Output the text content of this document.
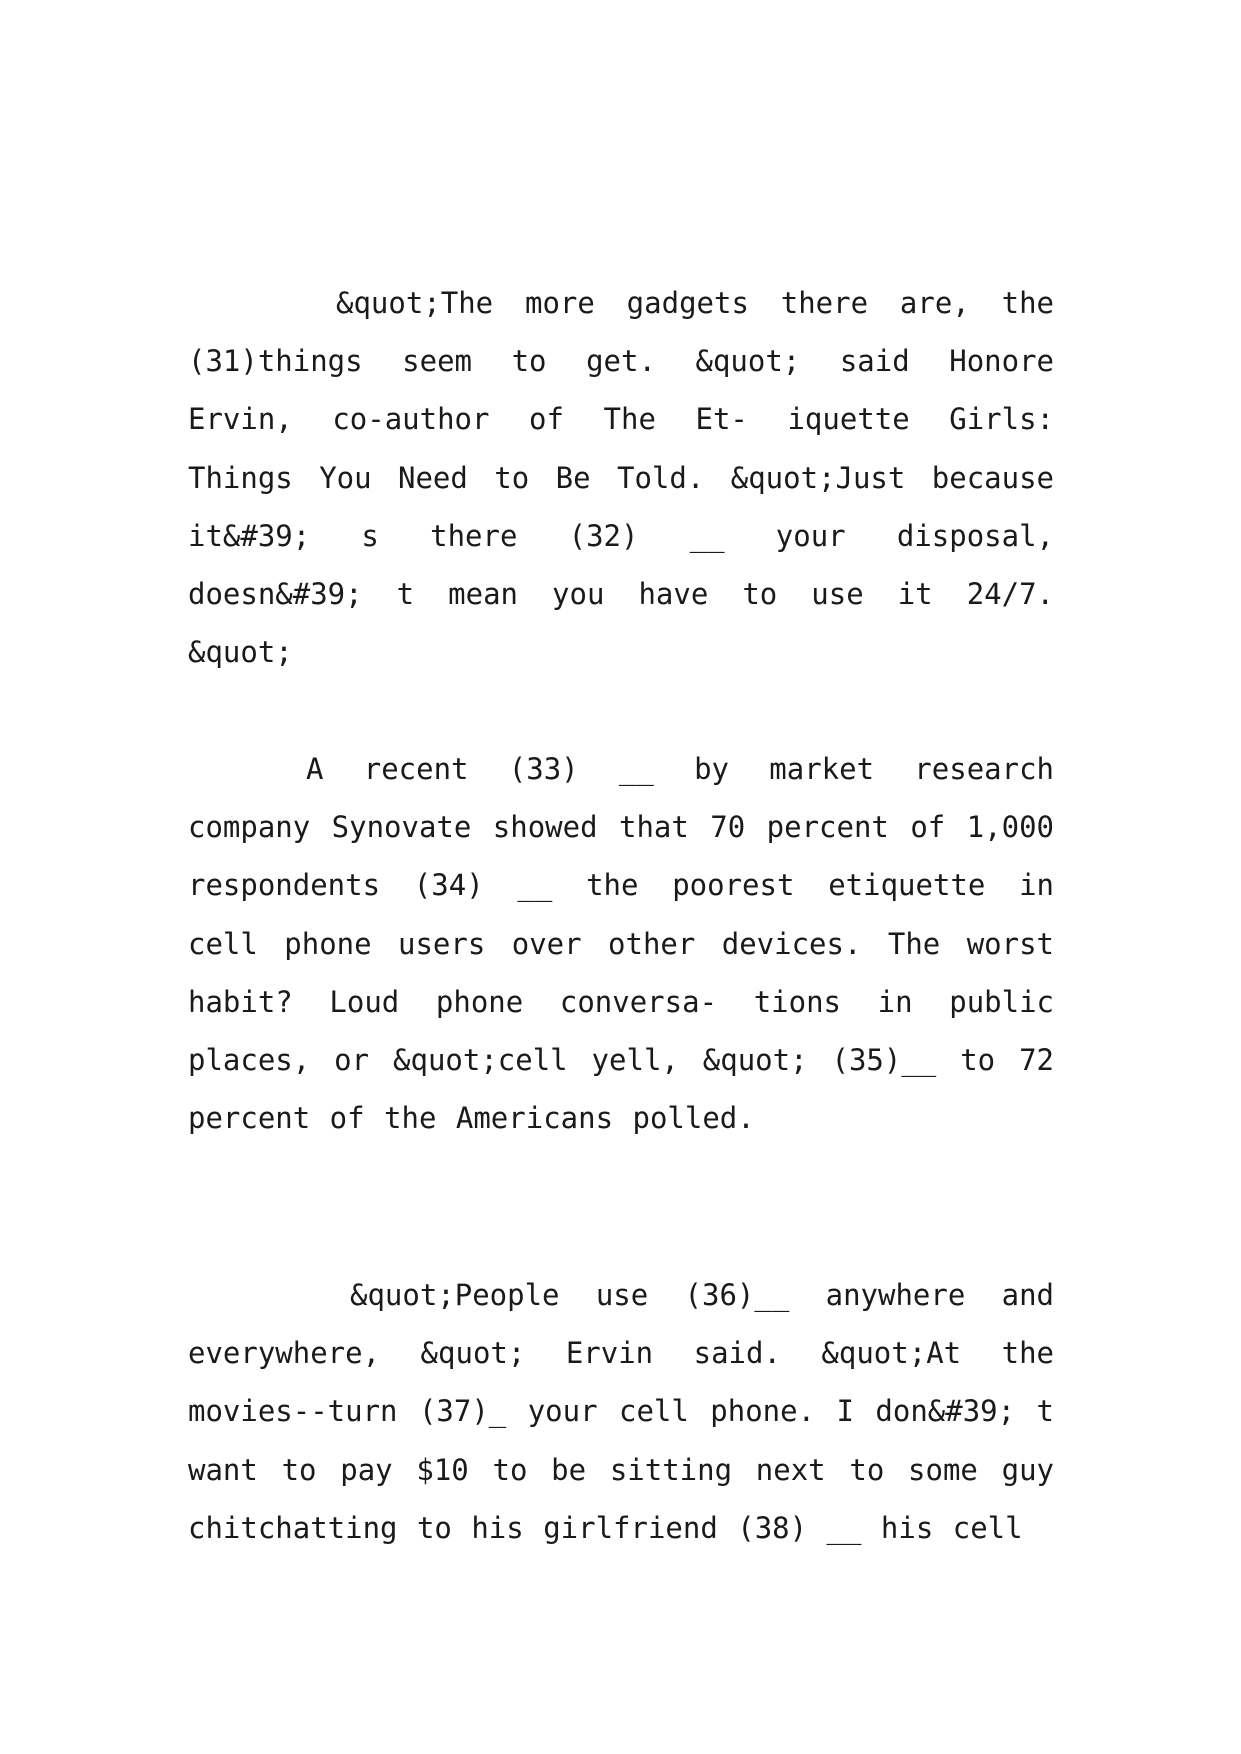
&quot;The more gadgets there are, the (31)things seem to get. &quot; said Honore Ervin, co-author of The Et- iquette Girls: Things You Need to Be Told. &quot;Just because it&#39; s there (32) __ your disposal, doesn&#39; t mean you have to use it 24/7. &quot;

A recent (33) __ by market research company Synovate showed that 70 percent of 1,000 respondents (34) __ the poorest etiquette in cell phone users over other devices. The worst habit? Loud phone conversa- tions in public places, or &quot;cell yell, &quot; (35)__ to 72 percent of the Americans polled.

&quot;People use (36)__ anywhere and everywhere, &quot; Ervin said. &quot;At the movies--turn (37)_ your cell phone. I don&#39; t want to pay $10 to be sitting next to some guy chitchatting to his girlfriend (38) __ his cell
